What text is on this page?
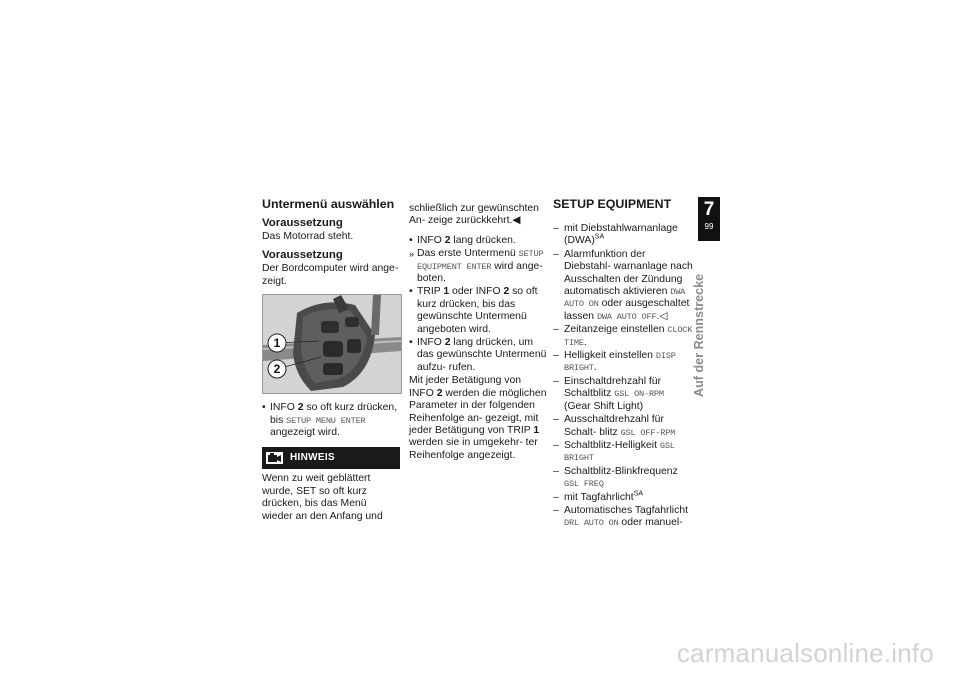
Untermenü auswählen
Voraussetzung

Das Motorrad steht.

Voraussetzung

Der Bordcomputer wird ange- zeigt.

1
2
• INFO 2 so oft kurz drücken, bis SETUP MENU ENTER angezeigt wird.
HINWEIS

Wenn zu weit geblättert wurde, SET so oft kurz drücken, bis das Menü wieder an den Anfang und

schließlich zur gewünschten An- zeige zurückkehrt.◀

• INFO 2 lang drücken.
» Das erste Untermenü SETUP EQUIPMENT ENTER wird ange- boten.
• TRIP 1 oder INFO 2 so oft kurz drücken, bis das gewünschte Untermenü angeboten wird.
• INFO 2 lang drücken, um das gewünschte Untermenü aufzu- rufen.

Mit jeder Betätigung von INFO 2 werden die möglichen Parameter in der folgenden Reihenfolge an- gezeigt, mit jeder Betätigung von TRIP 1 werden sie in umgekehr- ter Reihenfolge angezeigt.

SETUP EQUIPMENT
– mit Diebstahlwarnanlage (DWA)$^{SA}$
– Alarmfunktion der Diebstahl- warnanlage nach Ausschalten der Zündung automatisch aktivieren DWA AUTO ON oder ausgeschaltet lassen DWA AUTO OFF.◁
– Zeitanzeige einstellen CLOCK TIME.
– Helligkeit einstellen DISP BRIGHT.
– Einschaltdrehzahl für Schaltblitz GSL ON-RPM (Gear Shift Light)
– Ausschaltdrehzahl für Schalt- blitz GSL OFF-RPM
– Schaltblitz-Helligkeit GSL BRIGHT
– Schaltblitz-Blinkfrequenz GSL FREQ
– mit Tagfahrlicht$^{SA}$
– Automatisches Tagfahrlicht DRL AUTO ON oder manuel-
7
99
Auf der Rennstrecke
carmanualsonline.info
